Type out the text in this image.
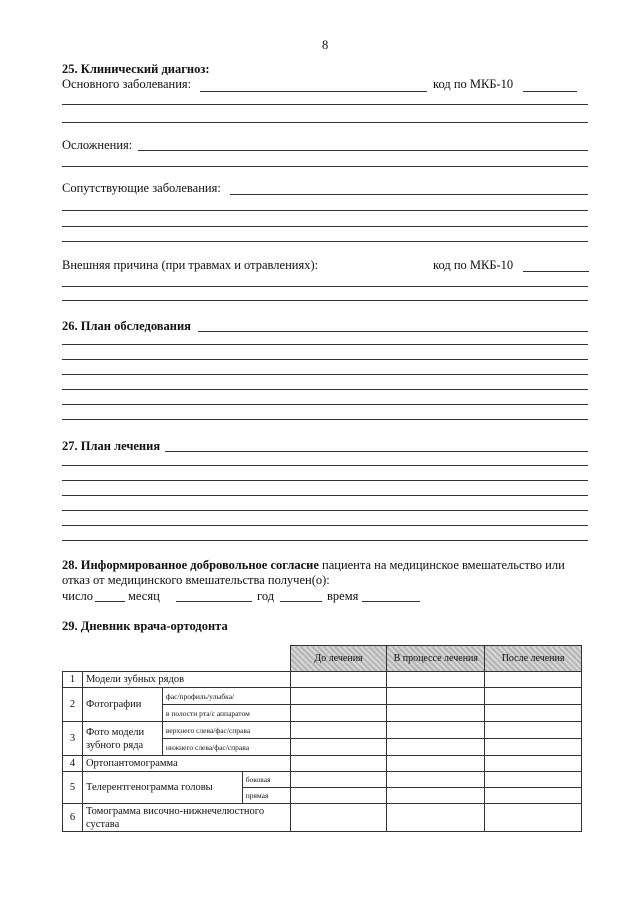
8
25. Клинический диагноз:
Основного заболевания:	код по МКБ-10
Осложнения:
Сопутствующие заболевания:
Внешняя причина (при травмах и отравлениях):	код по МКБ-10
26. План обследования
27. План лечения
28. Информированное добровольное согласие пациента на медицинское вмешательство или
отказ от медицинского вмешательства получен(о):
число	месяц	год	время
29. Дневник врача-ортодонта
				До лечения	В процессе лечения	После лечения
1	Модели зубных рядов					
2	Фотографии	фас/профиль/улыбка/				
		в полости рта/с аппаратом				
3	Фото модели зубного ряда	верхнего слева/фас/справа				
		нижнего слева/фас/справа				
4	Ортопантомограмма					
5	Телерентгенограмма головы		боковая			
			прямая			
6	Томограмма височно-нижнечелюстного сустава					
